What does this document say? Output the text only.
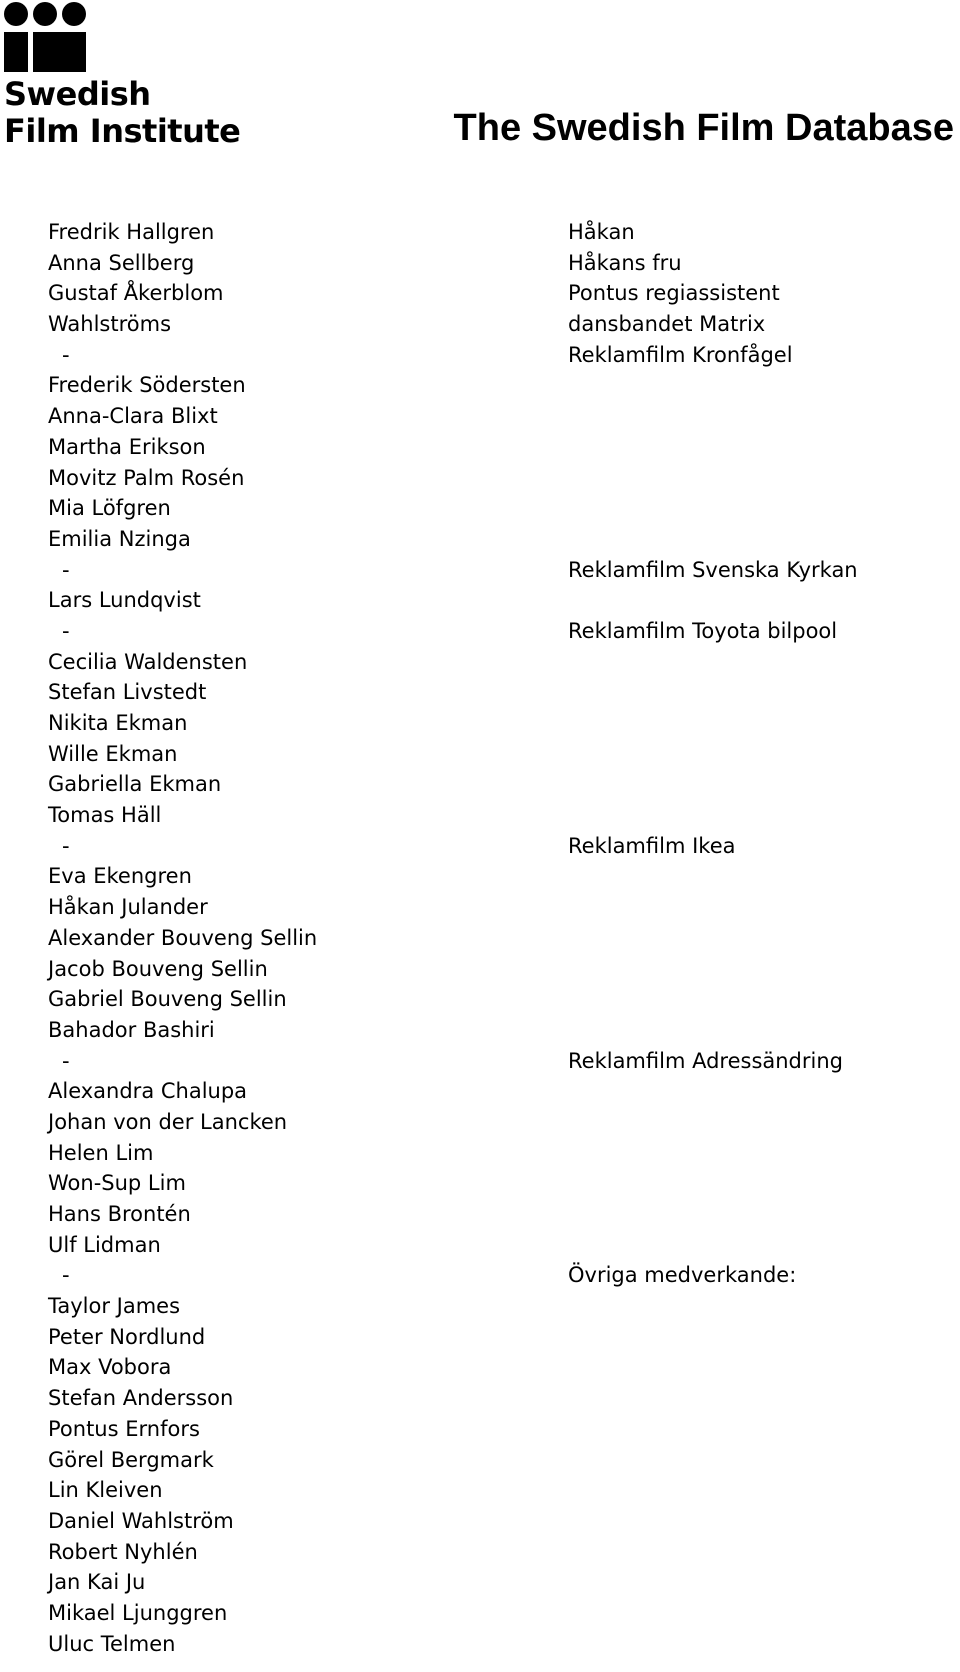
Swedish
Film Institute	The Swedish Film Database
Fredrik Hallgren	Håkan
Anna Sellberg	Håkans fru
Gustaf Åkerblom	Pontus regiassistent
Wahlströms	dansbandet Matrix
-	Reklamfilm Kronfågel
Frederik Södersten
Anna-Clara Blixt
Martha Erikson
Movitz Palm Rosén
Mia Löfgren
Emilia Nzinga
-	Reklamfilm Svenska Kyrkan
Lars Lundqvist
-	Reklamfilm Toyota bilpool
Cecilia Waldensten
Stefan Livstedt
Nikita Ekman
Wille Ekman
Gabriella Ekman
Tomas Häll
-	Reklamfilm Ikea
Eva Ekengren
Håkan Julander
Alexander Bouveng Sellin
Jacob Bouveng Sellin
Gabriel Bouveng Sellin
Bahador Bashiri
-	Reklamfilm Adressändring
Alexandra Chalupa
Johan von der Lancken
Helen Lim
Won-Sup Lim
Hans Brontén
Ulf Lidman
-	Övriga medverkande:
Taylor James
Peter Nordlund
Max Vobora
Stefan Andersson
Pontus Ernfors
Görel Bergmark
Lin Kleiven
Daniel Wahlström
Robert Nyhlén
Jan Kai Ju
Mikael Ljunggren
Uluc Telmen
